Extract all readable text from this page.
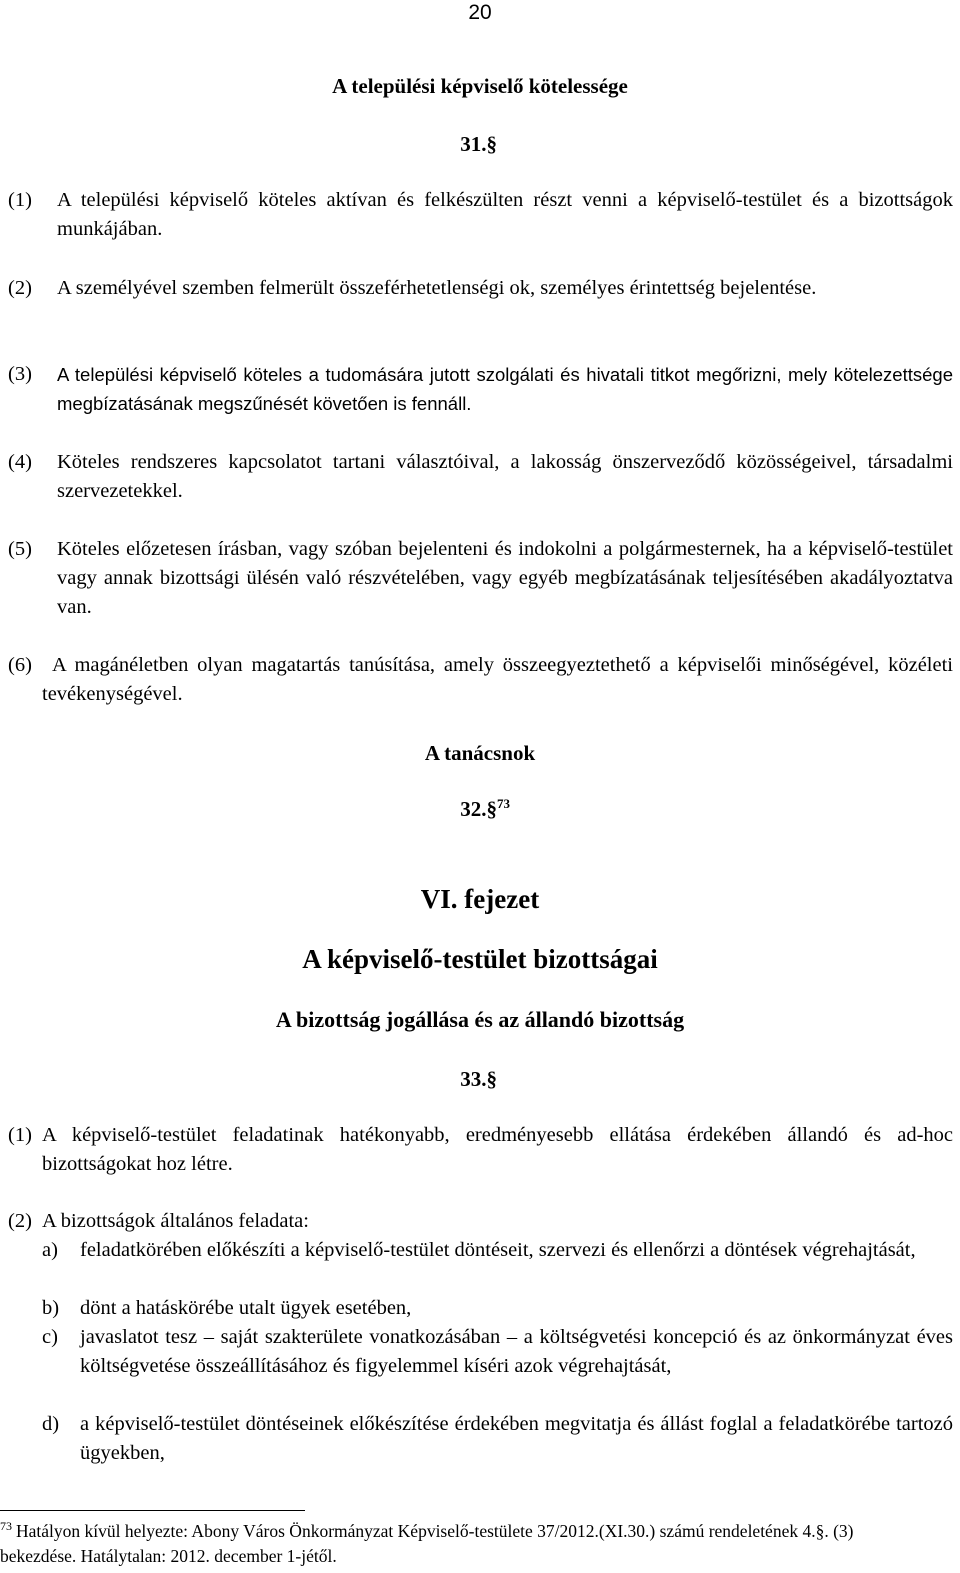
20
A települési képviselő kötelessége
31.§
(1) A települési képviselő köteles aktívan és felkészülten részt venni a képviselő-testület és a bizottságok munkájában.
(2) A személyével szemben felmerült összeférhetetlenségi ok, személyes érintettség bejelentése.
(3) A települési képviselő köteles a tudomására jutott szolgálati és hivatali titkot megőrizni, mely kötelezettsége megbízatásának megszűnését követően is fennáll.
(4) Köteles rendszeres kapcsolatot tartani választóival, a lakosság önszerveződő közösségeivel, társadalmi szervezetekkel.
(5) Köteles előzetesen írásban, vagy szóban bejelenteni és indokolni a polgármesternek, ha a képviselő-testület vagy annak bizottsági ülésén való részvételében, vagy egyéb megbízatásának teljesítésében akadályoztatva van.
(6) A magánéletben olyan magatartás tanúsítása, amely összeegyeztethető a képviselői minőségével, közéleti tevékenységével.
A tanácsnok
32.§$^{73}$
VI. fejezet
A képviselő-testület bizottságai
A bizottság jogállása és az állandó bizottság
33.§
(1) A képviselő-testület feladatinak hatékonyabb, eredményesebb ellátása érdekében állandó és ad-hoc bizottságokat hoz létre.
(2) A bizottságok általános feladata:
a) feladatkörében előkészíti a képviselő-testület döntéseit, szervezi és ellenőrzi a döntések végrehajtását,
b) dönt a hatáskörébe utalt ügyek esetében,
c) javaslatot tesz – saját szakterülete vonatkozásában – a költségvetési koncepció és az önkormányzat éves költségvetése összeállításához és figyelemmel kíséri azok végrehajtását,
d) a képviselő-testület döntéseinek előkészítése érdekében megvitatja és állást foglal a feladatkörébe tartozó ügyekben,
$^{73}$ Hatályon kívül helyezte: Abony Város Önkormányzat Képviselő-testülete 37/2012.(XI.30.) számú rendeletének 4.§. (3) bekezdése. Hatálytalan: 2012. december 1-jétől.
